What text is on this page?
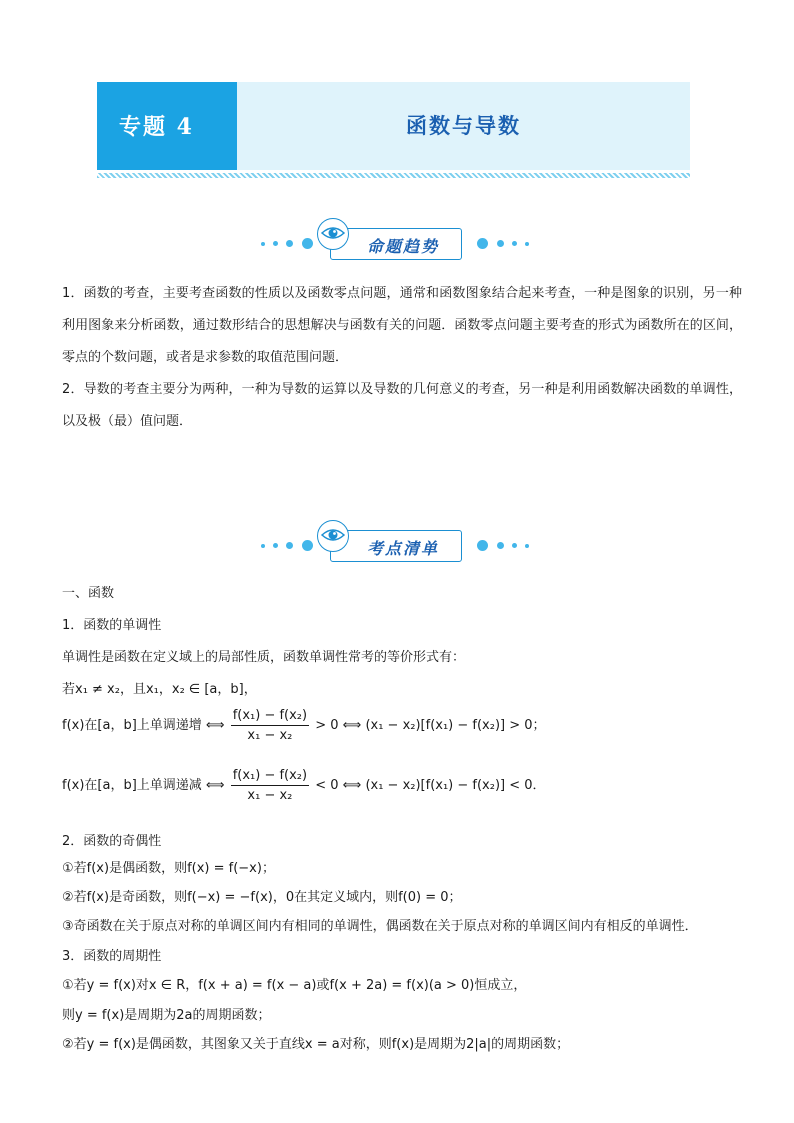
专题 4	函数与导数
命题趋势
1．函数的考查，主要考查函数的性质以及函数零点问题，通常和函数图象结合起来考查，一种是图象的识别，另一种利用图象来分析函数，通过数形结合的思想解决与函数有关的问题．函数零点问题主要考查的形式为函数所在的区间，零点的个数问题，或者是求参数的取值范围问题．
2．导数的考查主要分为两种，一种为导数的运算以及导数的几何意义的考查，另一种是利用函数解决函数的单调性，以及极（最）值问题．
考点清单
一、函数
1．函数的单调性
单调性是函数在定义域上的局部性质，函数单调性常考的等价形式有：
若x₁ ≠ x₂，且x₁，x₂ ∈ [a，b]，
f(x)在[a，b]上单调递增 ⟺ $\frac{\text{f(x₁) − f(x₂)}}{\text{x₁ − x₂}} > 0$ ⟺ (x₁ − x₂)[f(x₁) − f(x₂)] > 0；
f(x)在[a，b]上单调递减 ⟺ $\frac{\text{f(x₁) − f(x₂)}}{\text{x₁ − x₂}} < 0$ ⟺ (x₁ − x₂)[f(x₁) − f(x₂)] < 0．
2．函数的奇偶性
①若f(x)是偶函数，则f(x) = f(−x)；
②若f(x)是奇函数，则f(−x) = −f(x)，0在其定义域内，则f(0) = 0；
③奇函数在关于原点对称的单调区间内有相同的单调性，偶函数在关于原点对称的单调区间内有相反的单调性．
3．函数的周期性
①若y = f(x)对x ∈ R，f(x + a) = f(x − a)或f(x + 2a) = f(x)(a > 0)恒成立，
则y = f(x)是周期为2a的周期函数；
②若y = f(x)是偶函数，其图象又关于直线x = a对称，则f(x)是周期为2|a|的周期函数；
